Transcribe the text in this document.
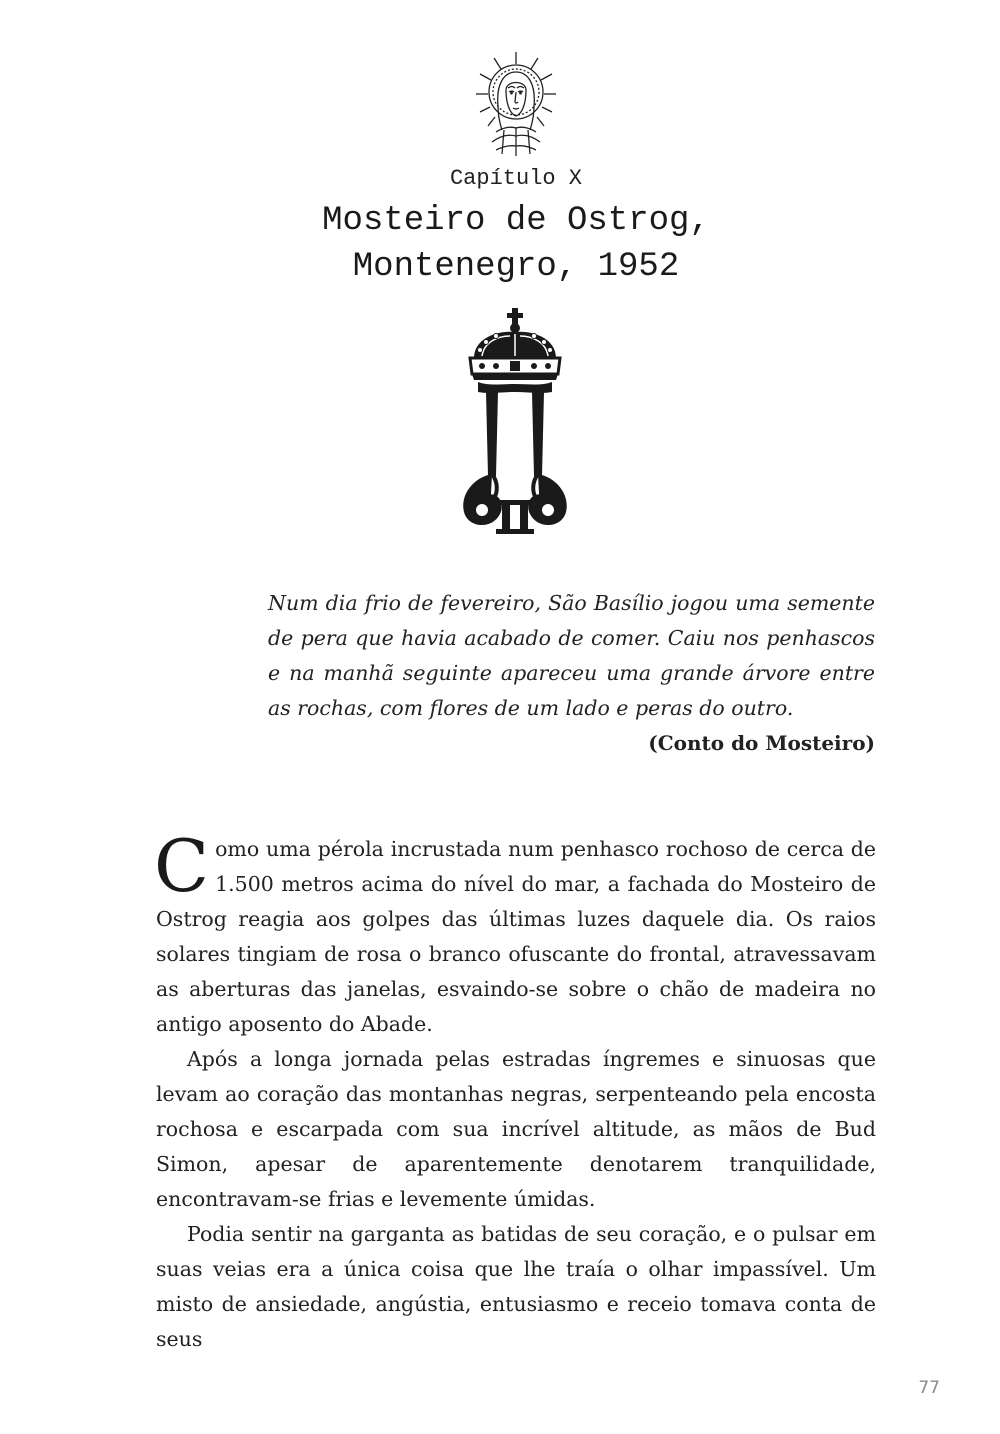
Capítulo X
Mosteiro de Ostrog,
Montenegro, 1952

Num dia frio de fevereiro, São Basílio jogou uma semente de pera que havia acabado de comer. Caiu nos penhascos e na manhã seguinte apareceu uma grande árvore entre as rochas, com flores de um lado e peras do outro.

(Conto do Mosteiro)

Como uma pérola incrustada num penhasco rochoso de cerca de 1.500 metros acima do nível do mar, a fachada do Mosteiro de Ostrog reagia aos golpes das últimas luzes daquele dia. Os raios solares tingiam de rosa o branco ofuscante do frontal, atravessavam as aberturas das janelas, esvaindo-se sobre o chão de madeira no antigo aposento do Abade.

Após a longa jornada pelas estradas íngremes e sinuosas que levam ao coração das montanhas negras, serpenteando pela encosta rochosa e escarpada com sua incrível altitude, as mãos de Bud Simon, apesar de aparentemente denotarem tranquilidade, encontravam-se frias e levemente úmidas.

Podia sentir na garganta as batidas de seu coração, e o pulsar em suas veias era a única coisa que lhe traía o olhar impassível. Um misto de ansiedade, angústia, entusiasmo e receio tomava conta de seus

77
